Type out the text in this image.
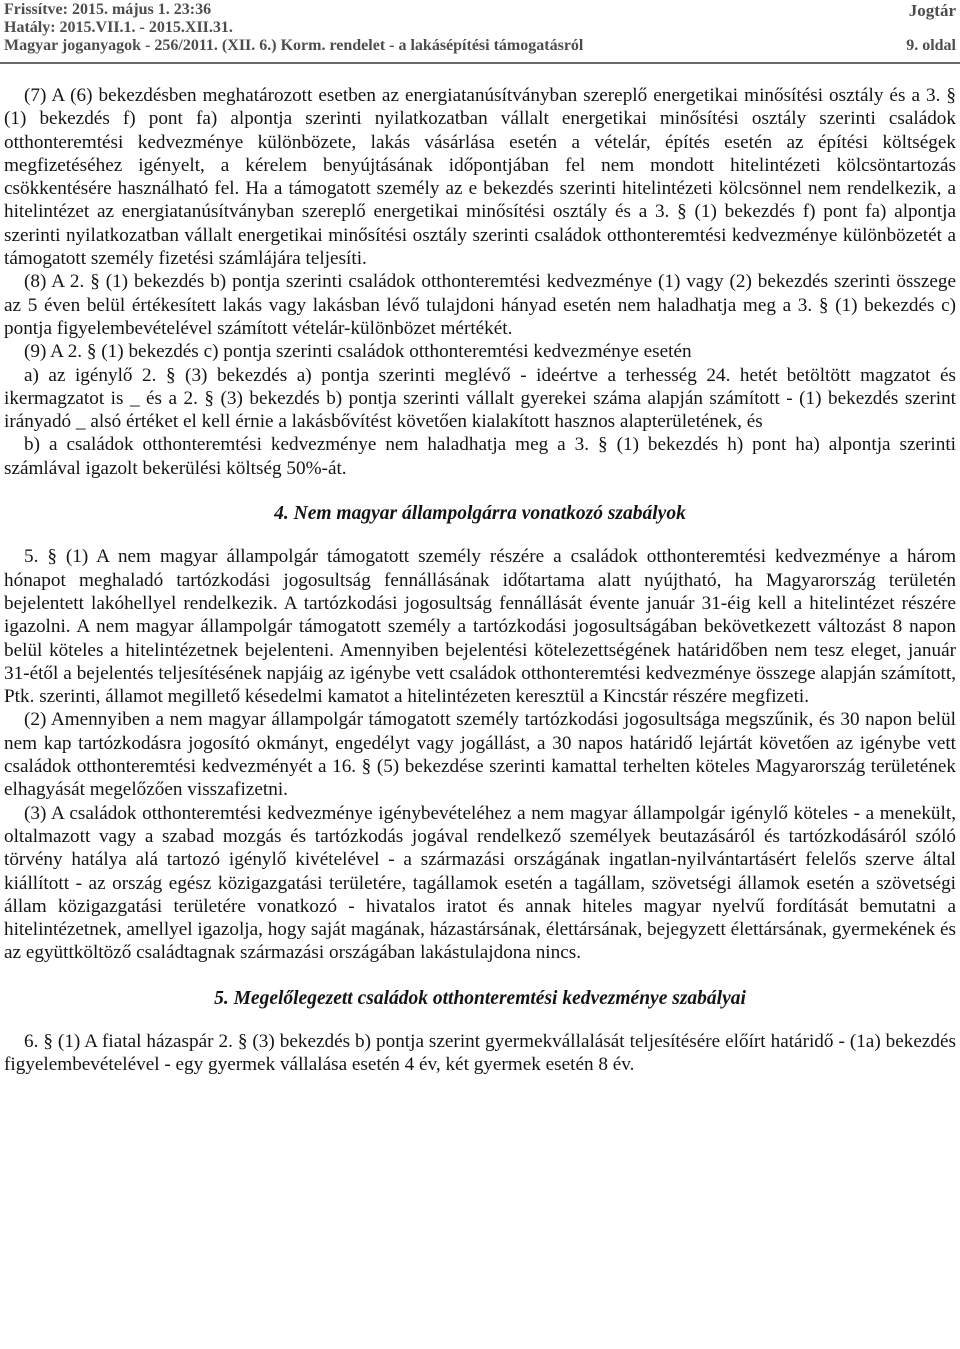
Frissítve: 2015. május 1. 23:36
Hatály: 2015.VII.1. - 2015.XII.31.
Magyar joganyagok - 256/2011. (XII. 6.) Korm. rendelet - a lakásépítési támogatásról
Jogtár
9. oldal

(7) A (6) bekezdésben meghatározott esetben az energiatanúsítványban szereplő energetikai minősítési osztály és a 3. § (1) bekezdés f) pont fa) alpontja szerinti nyilatkozatban vállalt energetikai minősítési osztály szerinti családok otthonteremtési kedvezménye különbözete, lakás vásárlása esetén a vételár, építés esetén az építési költségek megfizetéséhez igényelt, a kérelem benyújtásának időpontjában fel nem mondott hitelintézeti kölcsöntartozás csökkentésére használható fel. Ha a támogatott személy az e bekezdés szerinti hitelintézeti kölcsönnel nem rendelkezik, a hitelintézet az energiatanúsítványban szereplő energetikai minősítési osztály és a 3. § (1) bekezdés f) pont fa) alpontja szerinti nyilatkozatban vállalt energetikai minősítési osztály szerinti családok otthonteremtési kedvezménye különbözetét a támogatott személy fizetési számlájára teljesíti.

(8) A 2. § (1) bekezdés b) pontja szerinti családok otthonteremtési kedvezménye (1) vagy (2) bekezdés szerinti összege az 5 éven belül értékesített lakás vagy lakásban lévő tulajdoni hányad esetén nem haladhatja meg a 3. § (1) bekezdés c) pontja figyelembevételével számított vételár-különbözet mértékét.

(9) A 2. § (1) bekezdés c) pontja szerinti családok otthonteremtési kedvezménye esetén

a) az igénylő 2. § (3) bekezdés a) pontja szerinti meglévő - ideértve a terhesség 24. hetét betöltött magzatot és ikermagzatot is _ és a 2. § (3) bekezdés b) pontja szerinti vállalt gyerekei száma alapján számított - (1) bekezdés szerint irányadó _ alsó értéket el kell érnie a lakásbővítést követően kialakított hasznos alapterületének, és

b) a családok otthonteremtési kedvezménye nem haladhatja meg a 3. § (1) bekezdés h) pont ha) alpontja szerinti számlával igazolt bekerülési költség 50%-át.

4. Nem magyar állampolgárra vonatkozó szabályok

5. § (1) A nem magyar állampolgár támogatott személy részére a családok otthonteremtési kedvezménye a három hónapot meghaladó tartózkodási jogosultság fennállásának időtartama alatt nyújtható, ha Magyarország területén bejelentett lakóhellyel rendelkezik. A tartózkodási jogosultság fennállását évente január 31-éig kell a hitelintézet részére igazolni. A nem magyar állampolgár támogatott személy a tartózkodási jogosultságában bekövetkezett változást 8 napon belül köteles a hitelintézetnek bejelenteni. Amennyiben bejelentési kötelezettségének határidőben nem tesz eleget, január 31-étől a bejelentés teljesítésének napjáig az igénybe vett családok otthonteremtési kedvezménye összege alapján számított, Ptk. szerinti, államot megillető késedelmi kamatot a hitelintézeten keresztül a Kincstár részére megfizeti.

(2) Amennyiben a nem magyar állampolgár támogatott személy tartózkodási jogosultsága megszűnik, és 30 napon belül nem kap tartózkodásra jogosító okmányt, engedélyt vagy jogállást, a 30 napos határidő lejártát követően az igénybe vett családok otthonteremtési kedvezményét a 16. § (5) bekezdése szerinti kamattal terhelten köteles Magyarország területének elhagyását megelőzően visszafizetni.

(3) A családok otthonteremtési kedvezménye igénybevételéhez a nem magyar állampolgár igénylő köteles - a menekült, oltalmazott vagy a szabad mozgás és tartózkodás jogával rendelkező személyek beutazásáról és tartózkodásáról szóló törvény hatálya alá tartozó igénylő kivételével - a származási országának ingatlan-nyilvántartásért felelős szerve által kiállított - az ország egész közigazgatási területére, tagállamok esetén a tagállam, szövetségi államok esetén a szövetségi állam közigazgatási területére vonatkozó - hivatalos iratot és annak hiteles magyar nyelvű fordítását bemutatni a hitelintézetnek, amellyel igazolja, hogy saját magának, házastársának, élettársának, bejegyzett élettársának, gyermekének és az együttköltöző családtagnak származási országában lakástulajdona nincs.

5. Megelőlegezett családok otthonteremtési kedvezménye szabályai

6. § (1) A fiatal házaspár 2. § (3) bekezdés b) pontja szerint gyermekvállalását teljesítésére előírt határidő - (1a) bekezdés figyelembevételével - egy gyermek vállalása esetén 4 év, két gyermek esetén 8 év.
